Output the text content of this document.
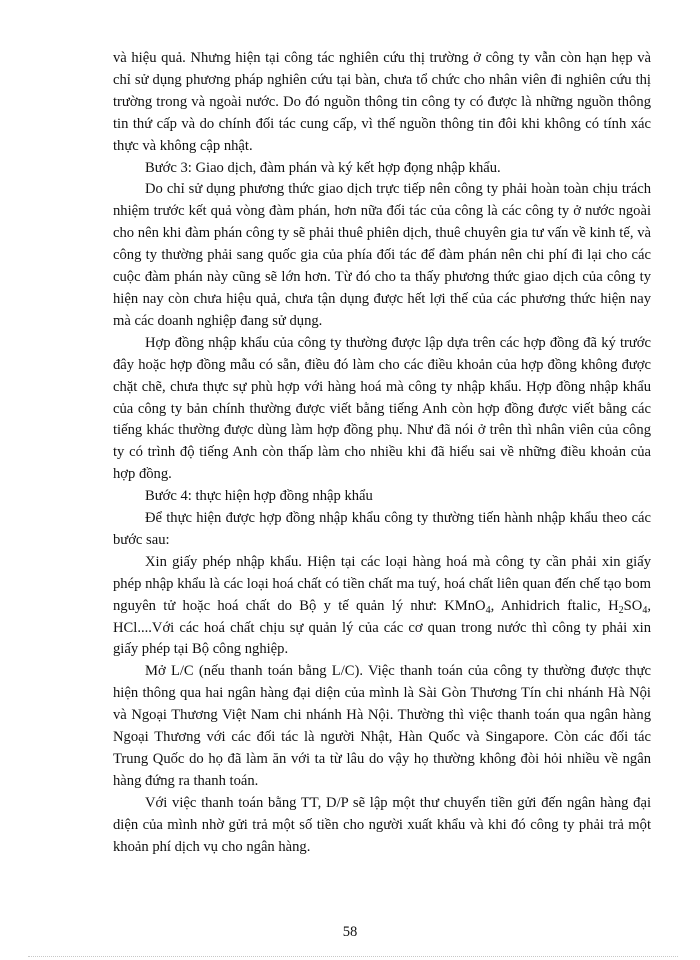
và hiệu quả. Nhưng hiện tại công tác nghiên cứu thị trường ở công ty vẫn còn hạn hẹp và chỉ sử dụng phương pháp nghiên cứu tại bàn, chưa tổ chức cho nhân viên đi nghiên cứu thị trường trong và ngoài nước. Do đó nguồn thông tin công ty có được là những nguồn thông tin thứ cấp và do chính đối tác cung cấp, vì thế nguồn thông tin đôi khi không có tính xác thực và không cập nhật.

Bước 3: Giao dịch, đàm phán và ký kết hợp đọng nhập khẩu.

Do chỉ sử dụng phương thức giao dịch trực tiếp nên công ty phải hoàn toàn chịu trách nhiệm trước kết quả vòng đàm phán, hơn nữa đối tác của công là các công ty ở nước ngoài cho nên khi đàm phán công ty sẽ phải thuê phiên dịch, thuê chuyên gia tư vấn về kinh tế, và công ty thường phải sang quốc gia của phía đối tác để đàm phán nên chi phí đi lại cho các cuộc đàm phán này cũng sẽ lớn hơn. Từ đó cho ta thấy phương thức giao dịch của công ty hiện nay còn chưa hiệu quả, chưa tận dụng được hết lợi thế của các phương thức hiện nay mà các doanh nghiệp đang sử dụng.

Hợp đồng nhập khẩu của công ty thường được lập dựa trên các hợp đồng đã ký trước đây hoặc hợp đồng mẫu có sẵn, điều đó làm cho các điều khoản của hợp đồng không được chặt chẽ, chưa thực sự phù hợp với hàng hoá mà công ty nhập khẩu. Hợp đồng nhập khẩu của công ty bản chính thường được viết bằng tiếng Anh còn hợp đồng được viết bằng các tiếng khác thường được dùng làm hợp đồng phụ. Như đã nói ở trên thì nhân viên của công ty có trình độ tiếng Anh còn thấp làm cho nhiều khi đã hiểu sai về những điều khoản của hợp đồng.

Bước 4: thực hiện hợp đồng nhập khẩu

Để thực hiện được hợp đồng nhập khẩu công ty thường tiến hành nhập khẩu theo các bước sau:

Xin giấy phép nhập khẩu. Hiện tại các loại hàng hoá mà công ty cần phải xin giấy phép nhập khẩu là các loại hoá chất có tiền chất ma tuý, hoá chất liên quan đến chế tạo bom nguyên tử hoặc hoá chất do Bộ y tế quản lý như: KMnO$_4$, Anhidrich ftalic, $H_2SO_4$, HCl....Với các hoá chất chịu sự quản lý của các cơ quan trong nước thì công ty phải xin giấy phép tại Bộ công nghiệp.

Mở L/C (nếu thanh toán bằng L/C). Việc thanh toán của công ty thường được thực hiện thông qua hai ngân hàng đại diện của mình là Sài Gòn Thương Tín chi nhánh Hà Nội và Ngoại Thương Việt Nam chi nhánh Hà Nội. Thường thì việc thanh toán qua ngân hàng Ngoại Thương với các đối tác là người Nhật, Hàn Quốc và Singapore. Còn các đối tác Trung Quốc do họ đã làm ăn với ta từ lâu do vậy họ thường không đòi hỏi nhiều về ngân hàng đứng ra thanh toán.

Với việc thanh toán bằng TT, D/P sẽ lập một thư chuyển tiền gửi đến ngân hàng đại diện của mình nhờ gửi trả một số tiền cho người xuất khẩu và khi đó công ty phải trả một khoản phí dịch vụ cho ngân hàng.

58
